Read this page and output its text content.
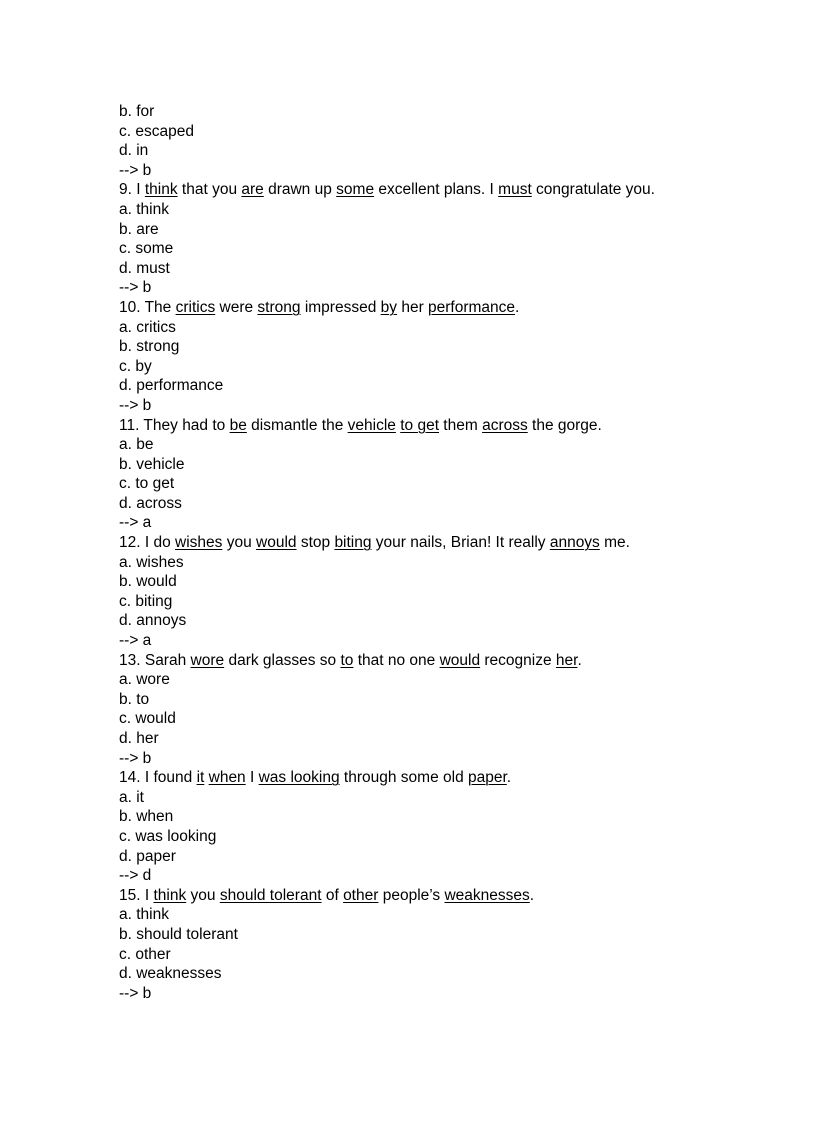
b. for
c. escaped
d. in
--> b
9. I think that you are drawn up some excellent plans. I must congratulate you.
a. think
b. are
c. some
d. must
--> b
10. The critics were strong impressed by her performance.
a. critics
b. strong
c. by
d. performance
--> b
11. They had to be dismantle the vehicle to get them across the gorge.
a. be
b. vehicle
c. to get
d. across
--> a
12. I do wishes you would stop biting your nails, Brian! It really annoys me.
a. wishes
b. would
c. biting
d. annoys
--> a
13. Sarah wore dark glasses so to that no one would recognize her.
a. wore
b. to
c. would
d. her
--> b
14. I found it when I was looking through some old paper.
a. it
b. when
c. was looking
d. paper
--> d
15. I think you should tolerant of other people’s weaknesses.
a. think
b. should tolerant
c. other
d. weaknesses
--> b
